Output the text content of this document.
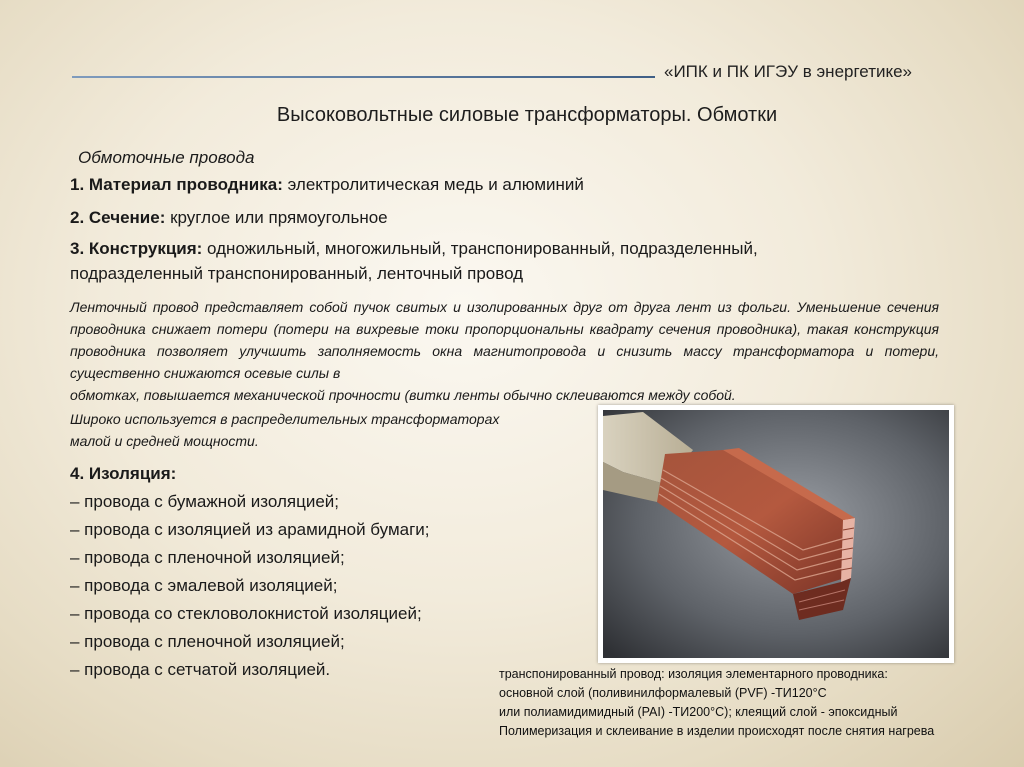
«ИПК и ПК ИГЭУ в энергетике»
Высоковольтные силовые трансформаторы. Обмотки
Обмоточные провода
1. Материал проводника: электролитическая медь и алюминий
2. Сечение: круглое или прямоугольное
3. Конструкция: одножильный, многожильный, транспонированный, подразделенный,
подразделенный транспонированный, ленточный провод
Ленточный провод представляет собой пучок свитых и изолированных друг от друга лент из фольги. Уменьшение сечения проводника снижает потери (потери на вихревые токи пропорциональны квадрату сечения проводника), такая конструкция проводника позволяет улучшить заполняемость окна магнитопровода и снизить массу трансформатора и потери, существенно снижаются осевые силы в
обмотках, повышается механической прочности (витки ленты обычно склеиваются между собой.
Широко используется в распределительных трансформаторах
малой и средней мощности.
4. Изоляция:
– провода с бумажной изоляцией;
– провода с изоляцией из арамидной бумаги;
– провода с пленочной изоляцией;
– провода с эмалевой изоляцией;
– провода со стекловолокнистой изоляцией;
– провода с пленочной изоляцией;
– провода с сетчатой изоляцией.	транспонированный провод: изоляция элементарного проводника:
основной слой (поливинилформалевый (PVF) -ТИ120°С
или полиамидимидный (PAI) -ТИ200°С); клеящий слой - эпоксидный
Полимеризация и склеивание в изделии происходят после снятия нагрева
